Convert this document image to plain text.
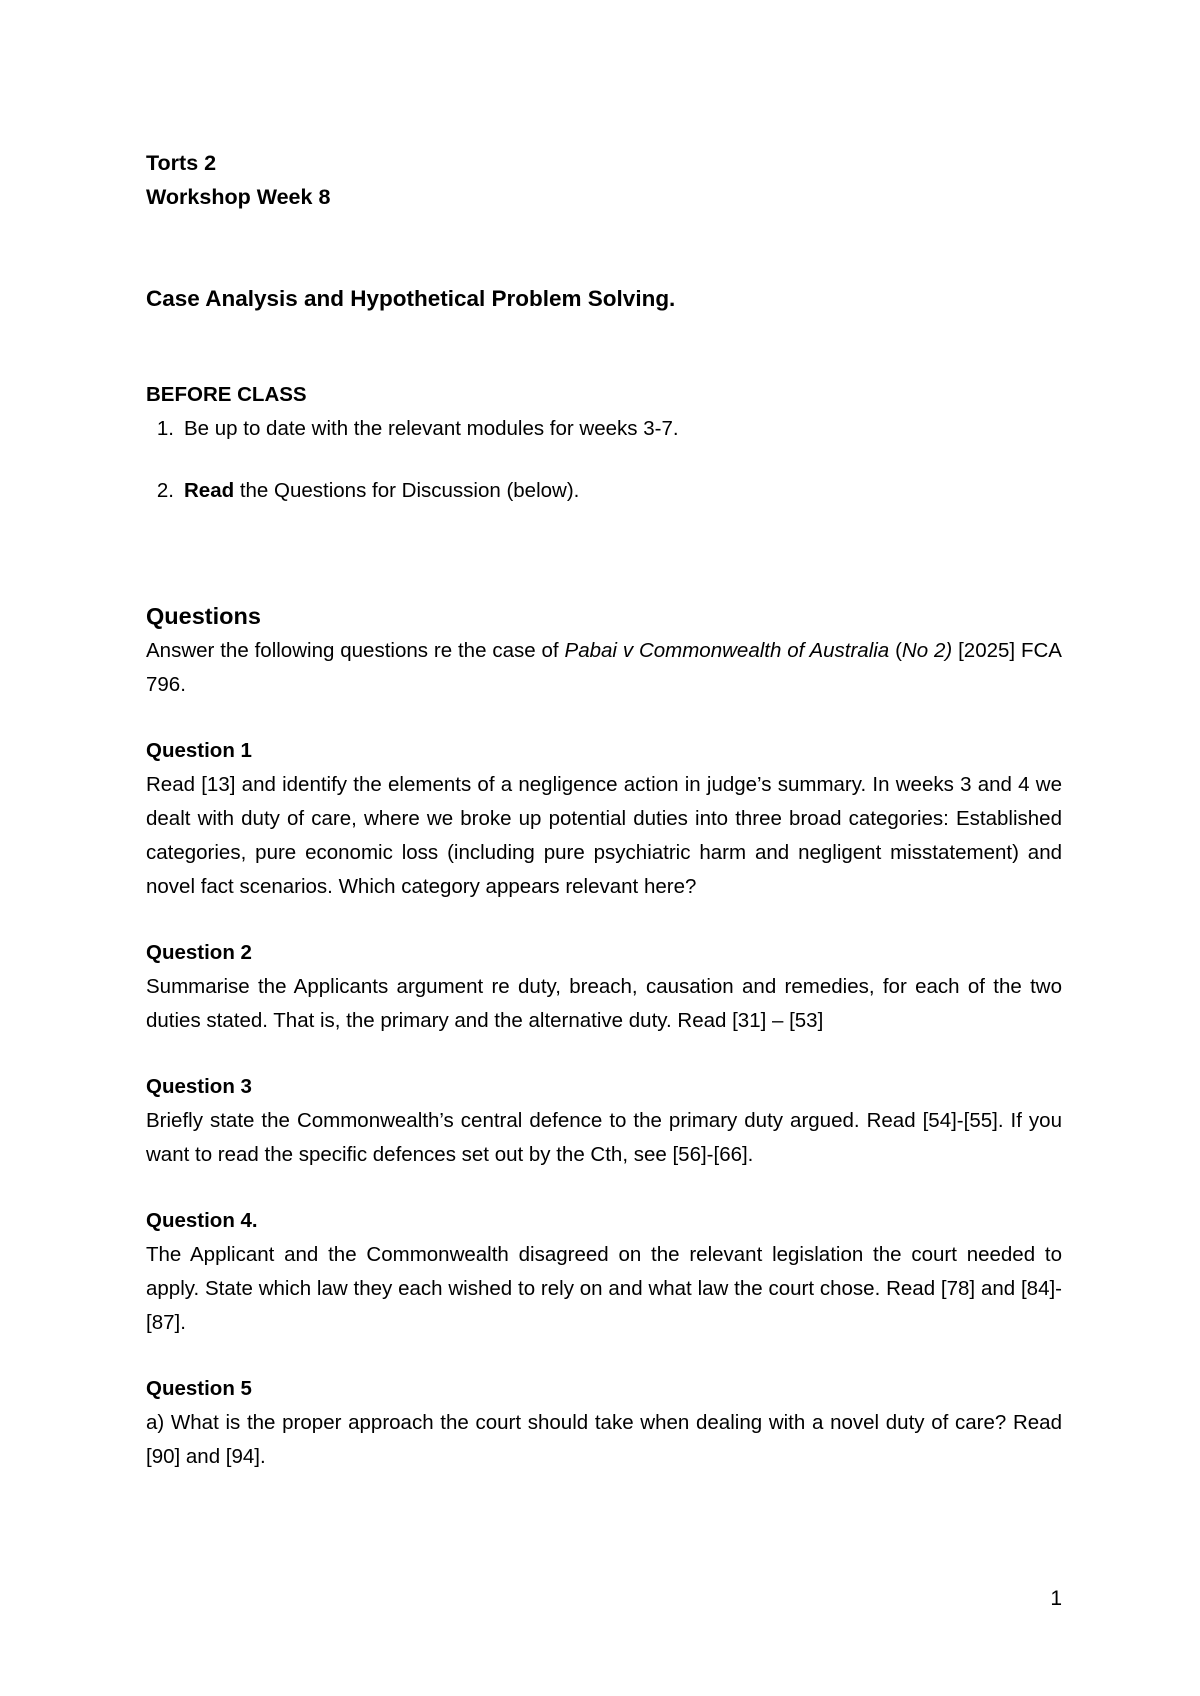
Torts 2

Workshop Week 8

Case Analysis and Hypothetical Problem Solving.

BEFORE CLASS

1. Be up to date with the relevant modules for weeks 3-7.
2. Read the Questions for Discussion (below).

Questions

Answer the following questions re the case of Pabai v Commonwealth of Australia (No 2) [2025] FCA 796.

Question 1

Read [13] and identify the elements of a negligence action in judge’s summary. In weeks 3 and 4 we dealt with duty of care, where we broke up potential duties into three broad categories: Established categories, pure economic loss (including pure psychiatric harm and negligent misstatement) and novel fact scenarios. Which category appears relevant here?

Question 2

Summarise the Applicants argument re duty, breach, causation and remedies, for each of the two duties stated. That is, the primary and the alternative duty. Read [31] – [53]

Question 3

Briefly state the Commonwealth’s central defence to the primary duty argued. Read [54]-[55]. If you want to read the specific defences set out by the Cth, see [56]-[66].

Question 4.

The Applicant and the Commonwealth disagreed on the relevant legislation the court needed to apply. State which law they each wished to rely on and what law the court chose. Read [78] and [84]-[87].

Question 5

a) What is the proper approach the court should take when dealing with a novel duty of care? Read [90] and [94].

1
